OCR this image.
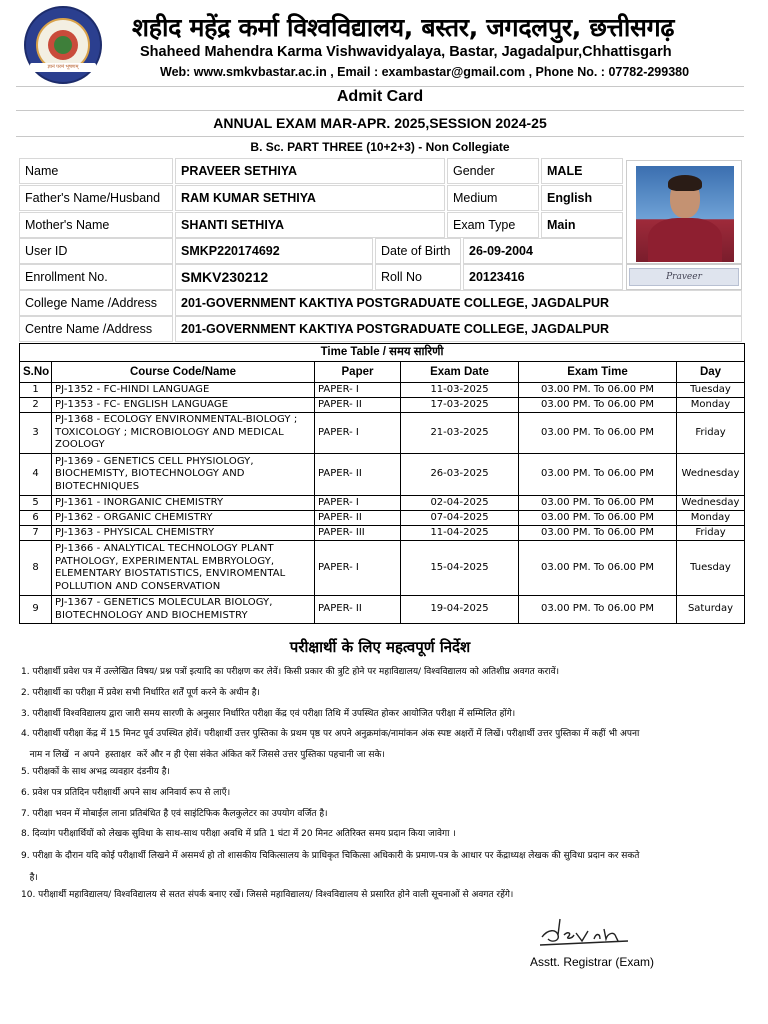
ज्ञानं परमं भूषणम्
शहीद महेंद्र कर्मा विश्वविद्यालय, बस्तर, जगदलपुर, छत्तीसगढ़
Shaheed Mahendra Karma Vishwavidyalaya, Bastar, Jagadalpur,Chhattisgarh
Web: www.smkvbastar.ac.in , Email : exambastar@gmail.com , Phone No. : 07782-299380
Admit Card
ANNUAL EXAM MAR-APR. 2025,SESSION 2024-25
B. Sc. PART THREE (10+2+3) - Non Collegiate
Name	PRAVEER SETHIYA	Gender	MALE
Father's Name/Husband	RAM KUMAR SETHIYA	Medium	English
Mother's Name	SHANTI SETHIYA	Exam Type	Main
User ID	SMKP220174692	Date of Birth	26-09-2004
Enrollment No.	SMKV230212	Roll No	20123416
College Name /Address	201-GOVERNMENT KAKTIYA POSTGRADUATE COLLEGE, JAGDALPUR
Centre Name /Address	201-GOVERNMENT KAKTIYA POSTGRADUATE COLLEGE, JAGDALPUR
Praveer
Time Table / समय सारिणी					
S.No	Course Code/Name	Paper	Exam Date	Exam Time	Day
1	PJ-1352 - FC-HINDI LANGUAGE	PAPER- I	11-03-2025	03.00 PM. To 06.00 PM	Tuesday
2	PJ-1353 - FC- ENGLISH LANGUAGE	PAPER- II	17-03-2025	03.00 PM. To 06.00 PM	Monday
3	PJ-1368 - ECOLOGY ENVIRONMENTAL-BIOLOGY ; TOXICOLOGY ; MICROBIOLOGY AND MEDICAL ZOOLOGY	PAPER- I	21-03-2025	03.00 PM. To 06.00 PM	Friday
4	PJ-1369 - GENETICS CELL PHYSIOLOGY, BIOCHEMISTY, BIOTECHNOLOGY AND BIOTECHNIQUES	PAPER- II	26-03-2025	03.00 PM. To 06.00 PM	Wednesday
5	PJ-1361 - INORGANIC CHEMISTRY	PAPER- I	02-04-2025	03.00 PM. To 06.00 PM	Wednesday
6	PJ-1362 - ORGANIC CHEMISTRY	PAPER- II	07-04-2025	03.00 PM. To 06.00 PM	Monday
7	PJ-1363 - PHYSICAL CHEMISTRY	PAPER- III	11-04-2025	03.00 PM. To 06.00 PM	Friday
8	PJ-1366 - ANALYTICAL TECHNOLOGY PLANT PATHOLOGY, EXPERIMENTAL EMBRYOLOGY, ELEMENTARY BIOSTATISTICS, ENVIROMENTAL POLLUTION AND CONSERVATION	PAPER- I	15-04-2025	03.00 PM. To 06.00 PM	Tuesday
9	PJ-1367 - GENETICS MOLECULAR BIOLOGY, BIOTECHNOLOGY AND BIOCHEMISTRY	PAPER- II	19-04-2025	03.00 PM. To 06.00 PM	Saturday
परीक्षार्थी के लिए महत्वपूर्ण निर्देश
1. परीक्षार्थी प्रवेश पत्र में उल्लेखित विषय/ प्रश्न पत्रों इत्यादि का परीक्षण कर लेवें। किसी प्रकार की त्रुटि होने पर महाविद्यालय/ विश्वविद्यालय को अतिशीघ्र अवगत करावें।
2. परीक्षार्थी का परीक्षा में प्रवेश सभी निर्धारित शर्तें पूर्ण करने के अधीन है।
3. परीक्षार्थी विश्वविद्यालय द्वारा जारी समय सारणी के अनुसार निर्धारित परीक्षा केंद्र एवं परीक्षा तिथि में उपस्थित होकर आयोजित परीक्षा में सम्मिलित होंगे।
4. परीक्षार्थी परीक्षा केंद्र में 15 मिनट पूर्व उपस्थित होवें। परीक्षार्थी उत्तर पुस्तिका के प्रथम पृष्ठ पर अपने अनुक्रमांक/नामांकन अंक स्पष्ट अक्षरों में लिखें। परीक्षार्थी उत्तर पुस्तिका में कहीं भी अपना
नाम न लिखें  न अपने  हस्ताक्षर  करें और न ही ऐसा संकेत अंकित करें जिससे उत्तर पुस्तिका पहचानी जा सके।
5. परीक्षकों के साथ अभद्र व्यवहार दंडनीय है।
6. प्रवेश पत्र प्रतिदिन परीक्षार्थी अपने साथ अनिवार्य रूप से लाएँ।
7. परीक्षा भवन में मोबाईल लाना प्रतिबंधित है एवं साइंटिफिक कैलकुलेटर का उपयोग वर्जित है।
8. दिव्यांग परीक्षार्थियों को लेखक सुविधा के साथ-साथ परीक्षा अवधि में प्रति 1 घंटा में 20 मिनट अतिरिक्त समय प्रदान किया जावेगा ।
9. परीक्षा के दौरान यदि कोई परीक्षार्थी लिखने में असमर्थ हो तो शासकीय चिकित्सालय के प्राधिकृत चिकित्सा अधिकारी के प्रमाण-पत्र के आधार पर केंद्राध्यक्ष लेखक की सुविधा प्रदान कर सकते
है।
10. परीक्षार्थी महाविद्यालय/ विश्वविद्यालय से सतत संपर्क बनाए रखें। जिससे महाविद्यालय/ विश्वविद्यालय से प्रसारित होने वाली सूचनाओं से अवगत रहेंगे।
Asstt. Registrar (Exam)
